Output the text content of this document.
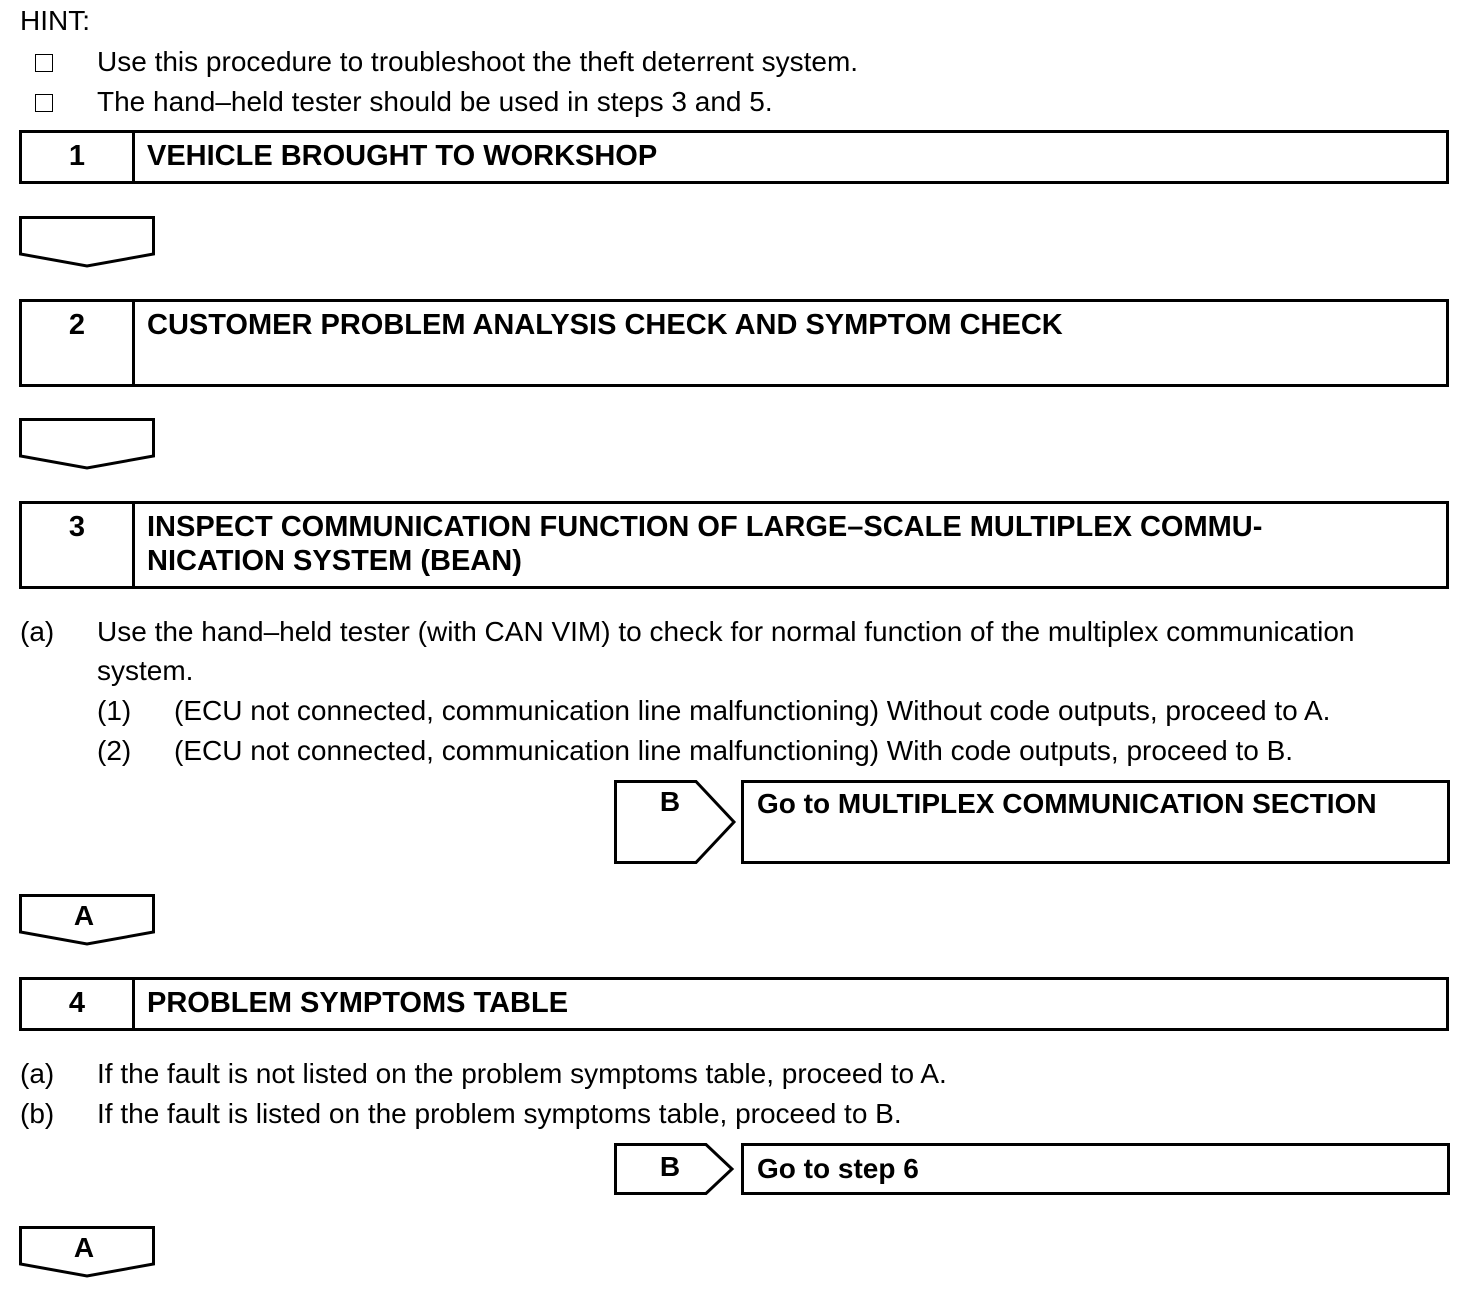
HINT:
Use this procedure to troubleshoot the theft deterrent system.
The hand–held tester should be used in steps 3 and 5.
1	VEHICLE BROUGHT TO WORKSHOP
2	CUSTOMER PROBLEM ANALYSIS CHECK AND SYMPTOM CHECK
3	INSPECT COMMUNICATION FUNCTION OF LARGE–SCALE MULTIPLEX COMMU-
NICATION SYSTEM (BEAN)
(a) Use the hand–held tester (with CAN VIM) to check for normal function of the multiplex communication
system.
(1) (ECU not connected, communication line malfunctioning) Without code outputs, proceed to A.
(2) (ECU not connected, communication line malfunctioning) With code outputs, proceed to B.
B	Go to MULTIPLEX COMMUNICATION SECTION
A
4	PROBLEM SYMPTOMS TABLE
(a) If the fault is not listed on the problem symptoms table, proceed to A.
(b) If the fault is listed on the problem symptoms table, proceed to B.
B	Go to step 6
A
